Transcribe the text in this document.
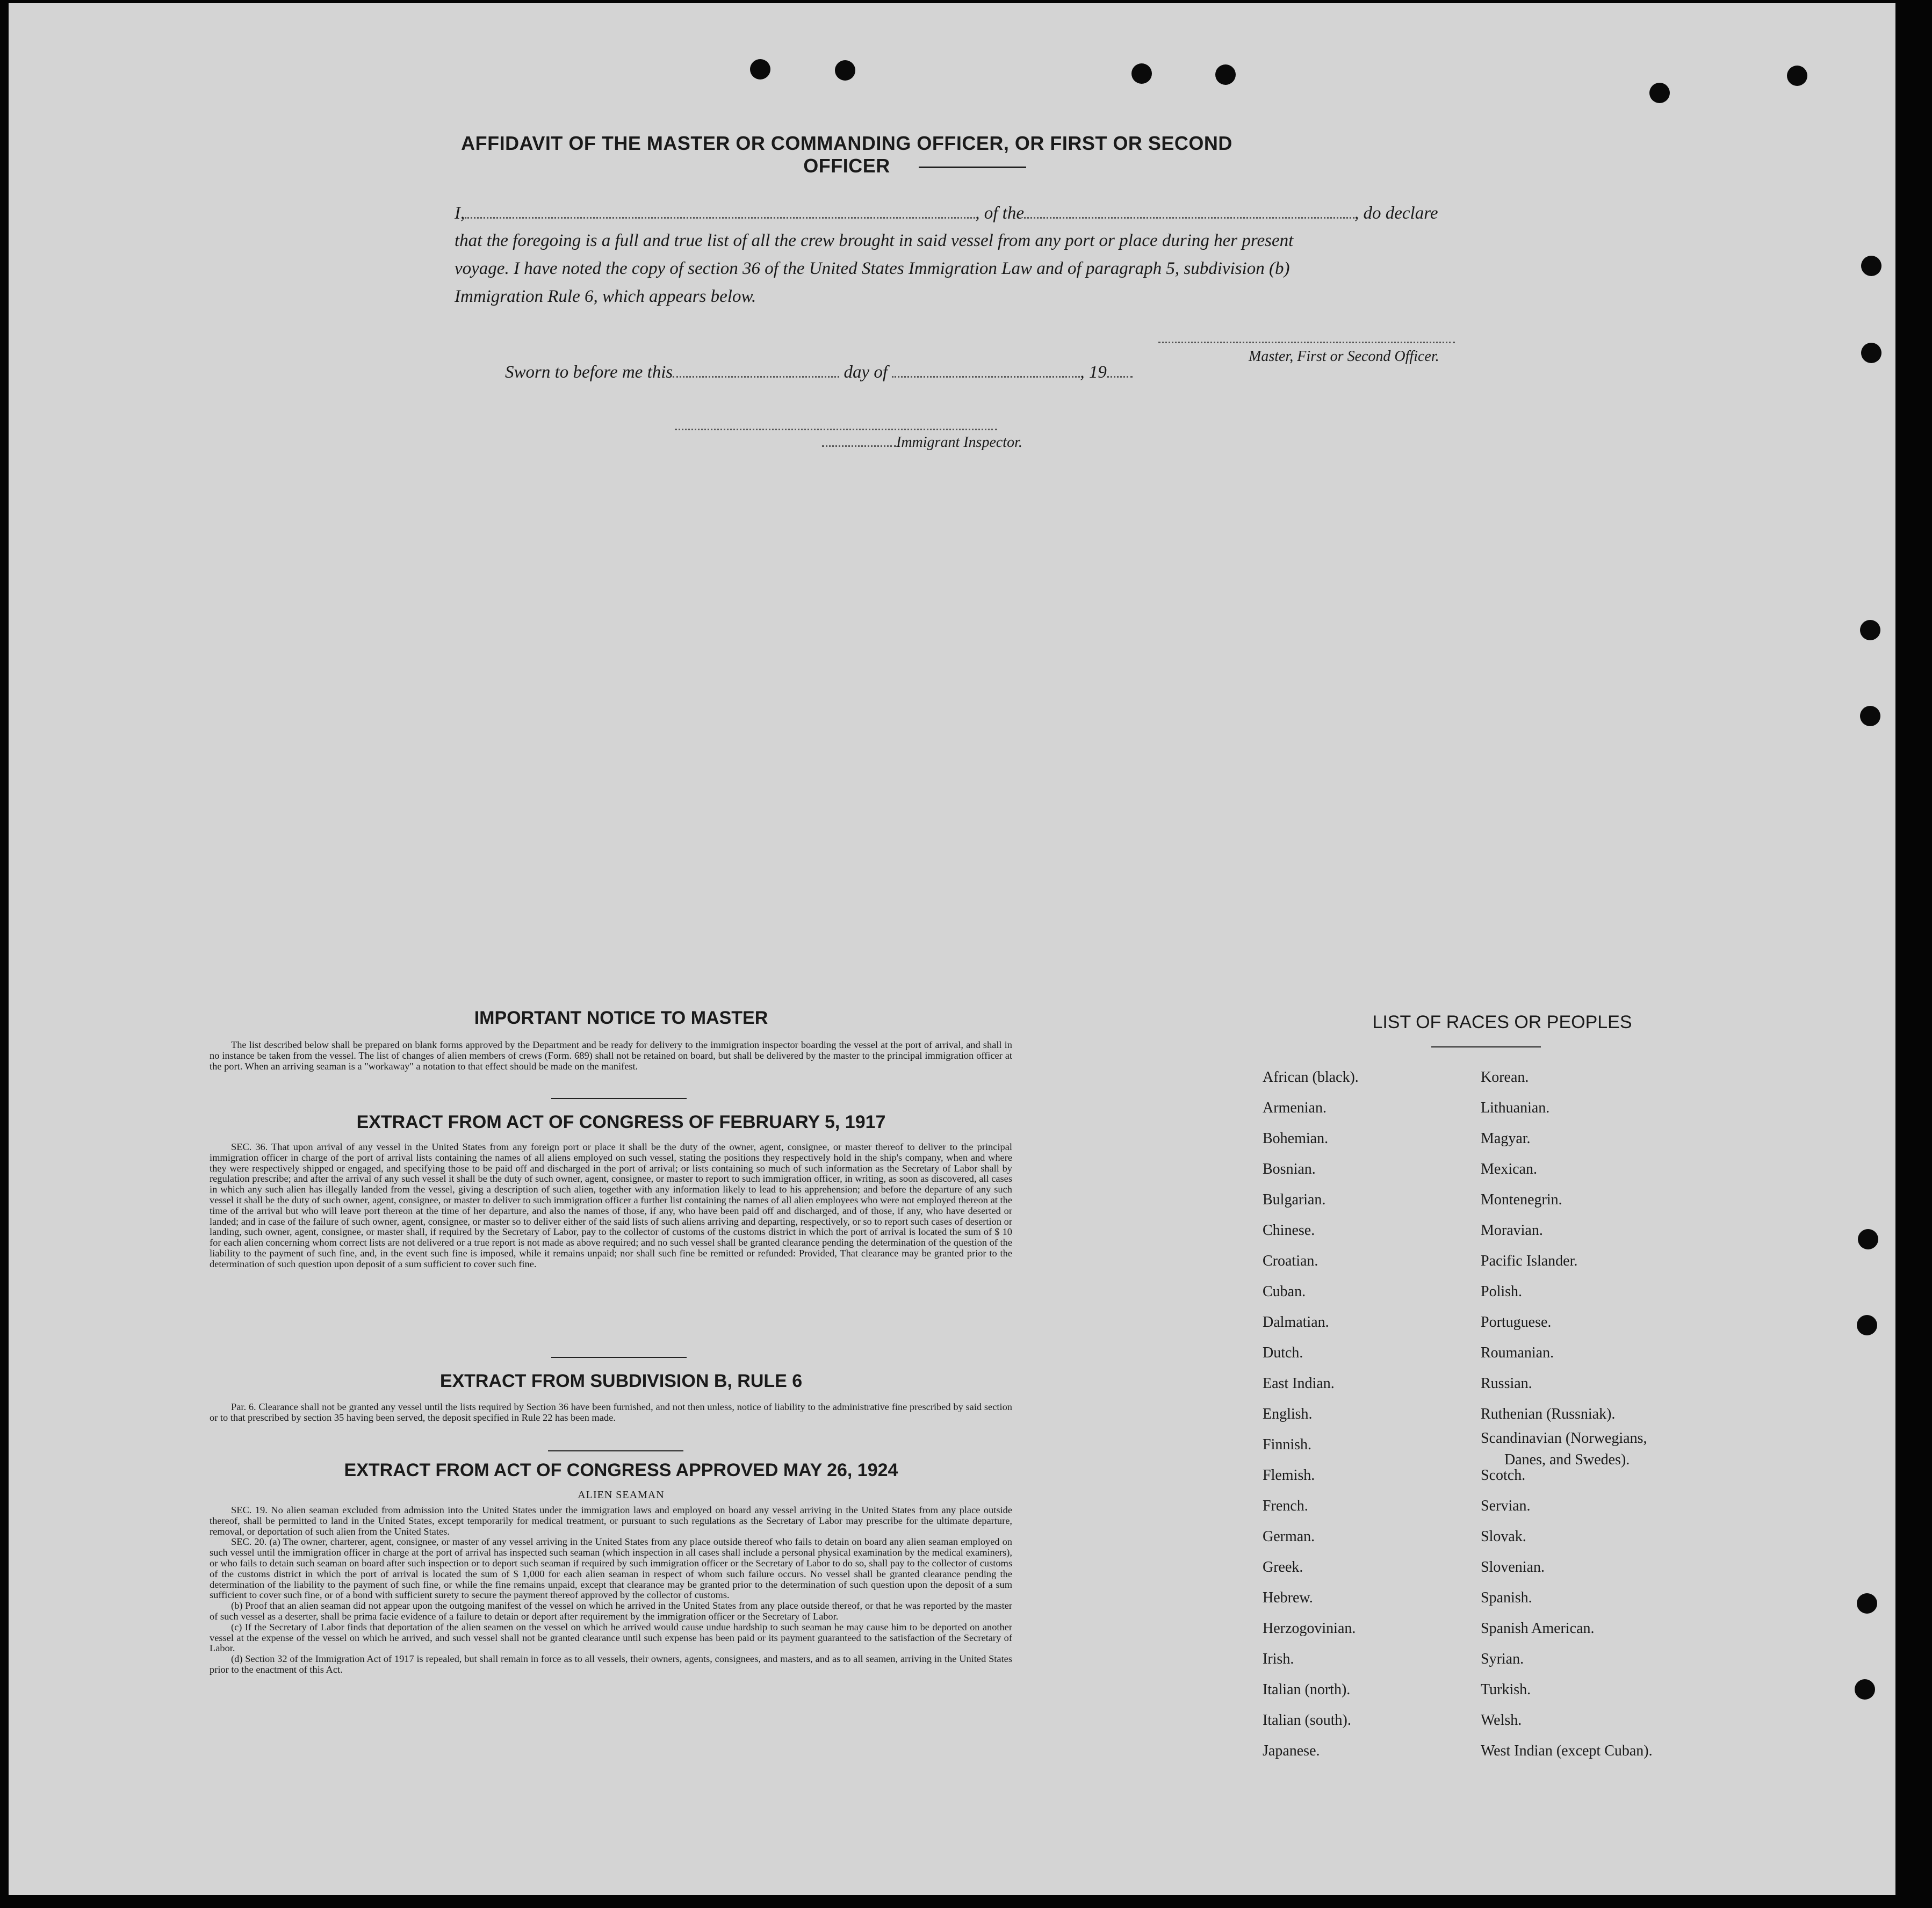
AFFIDAVIT OF THE MASTER OR COMMANDING OFFICER, OR FIRST OR SECOND OFFICER
I,	, of the	, do declare
that the foregoing is a full and true list of all the crew brought in said vessel from any port or place during her present
voyage. I have noted the copy of section 36 of the United States Immigration Law and of paragraph 5, subdivision (b)
Immigration Rule 6, which appears below.
Master, First or Second Officer.
Sworn to before me this	day of	, 19
Immigrant Inspector.
IMPORTANT NOTICE TO MASTER

The list described below shall be prepared on blank forms approved by the Department and be ready for delivery to the immigration inspector boarding the vessel at the port of arrival, and shall in no instance be taken from the vessel. The list of changes of alien members of crews (Form. 689) shall not be retained on board, but shall be delivered by the master to the principal immigration officer at the port. When an arriving seaman is a "workaway" a notation to that effect should be made on the manifest.

EXTRACT FROM ACT OF CONGRESS OF FEBRUARY 5, 1917

SEC. 36. That upon arrival of any vessel in the United States from any foreign port or place it shall be the duty of the owner, agent, consignee, or master thereof to deliver to the principal immigration officer in charge of the port of arrival lists containing the names of all aliens employed on such vessel, stating the positions they respectively hold in the ship's company, when and where they were respectively shipped or engaged, and specifying those to be paid off and discharged in the port of arrival; or lists containing so much of such information as the Secretary of Labor shall by regulation prescribe; and after the arrival of any such vessel it shall be the duty of such owner, agent, consignee, or master to report to such immigration officer, in writing, as soon as discovered, all cases in which any such alien has illegally landed from the vessel, giving a description of such alien, together with any information likely to lead to his apprehension; and before the departure of any such vessel it shall be the duty of such owner, agent, consignee, or master to deliver to such immigration officer a further list containing the names of all alien employees who were not employed thereon at the time of the arrival but who will leave port thereon at the time of her departure, and also the names of those, if any, who have been paid off and discharged, and of those, if any, who have deserted or landed; and in case of the failure of such owner, agent, consignee, or master so to deliver either of the said lists of such aliens arriving and departing, respectively, or so to report such cases of desertion or landing, such owner, agent, consignee, or master shall, if required by the Secretary of Labor, pay to the collector of customs of the customs district in which the port of arrival is located the sum of $ 10 for each alien concerning whom correct lists are not delivered or a true report is not made as above required; and no such vessel shall be granted clearance pending the determination of the question of the liability to the payment of such fine, and, in the event such fine is imposed, while it remains unpaid; nor shall such fine be remitted or refunded: Provided, That clearance may be granted prior to the determination of such question upon deposit of a sum sufficient to cover such fine.

EXTRACT FROM SUBDIVISION B, RULE 6

Par. 6. Clearance shall not be granted any vessel until the lists required by Section 36 have been furnished, and not then unless, notice of liability to the administrative fine prescribed by said section or to that prescribed by section 35 having been served, the deposit specified in Rule 22 has been made.

EXTRACT FROM ACT OF CONGRESS APPROVED MAY 26, 1924
ALIEN SEAMAN

SEC. 19. No alien seaman excluded from admission into the United States under the immigration laws and employed on board any vessel arriving in the United States from any place outside thereof, shall be permitted to land in the United States, except temporarily for medical treatment, or pursuant to such regulations as the Secretary of Labor may prescribe for the ultimate departure, removal, or deportation of such alien from the United States.

SEC. 20. (a) The owner, charterer, agent, consignee, or master of any vessel arriving in the United States from any place outside thereof who fails to detain on board any alien seaman employed on such vessel until the immigration officer in charge at the port of arrival has inspected such seaman (which inspection in all cases shall include a personal physical examination by the medical examiners), or who fails to detain such seaman on board after such inspection or to deport such seaman if required by such immigration officer or the Secretary of Labor to do so, shall pay to the collector of customs of the customs district in which the port of arrival is located the sum of $ 1,000 for each alien seaman in respect of whom such failure occurs. No vessel shall be granted clearance pending the determination of the liability to the payment of such fine, or while the fine remains unpaid, except that clearance may be granted prior to the determination of such question upon the deposit of a sum sufficient to cover such fine, or of a bond with sufficient surety to secure the payment thereof approved by the collector of customs.

(b) Proof that an alien seaman did not appear upon the outgoing manifest of the vessel on which he arrived in the United States from any place outside thereof, or that he was reported by the master of such vessel as a deserter, shall be prima facie evidence of a failure to detain or deport after requirement by the immigration officer or the Secretary of Labor.

(c) If the Secretary of Labor finds that deportation of the alien seamen on the vessel on which he arrived would cause undue hardship to such seaman he may cause him to be deported on another vessel at the expense of the vessel on which he arrived, and such vessel shall not be granted clearance until such expense has been paid or its payment guaranteed to the satisfaction of the Secretary of Labor.

(d) Section 32 of the Immigration Act of 1917 is repealed, but shall remain in force as to all vessels, their owners, agents, consignees, and masters, and as to all seamen, arriving in the United States prior to the enactment of this Act.

LIST OF RACES OR PEOPLES
African (black).
Armenian.
Bohemian.
Bosnian.
Bulgarian.
Chinese.
Croatian.
Cuban.
Dalmatian.
Dutch.
East Indian.
English.
Finnish.
Flemish.
French.
German.
Greek.
Hebrew.
Herzogovinian.
Irish.
Italian (north).
Italian (south).
Japanese.
Korean.
Lithuanian.
Magyar.
Mexican.
Montenegrin.
Moravian.
Pacific Islander.
Polish.
Portuguese.
Roumanian.
Russian.
Ruthenian (Russniak).
Scandinavian (Norwegians,
Danes, and Swedes).
Scotch.
Servian.
Slovak.
Slovenian.
Spanish.
Spanish American.
Syrian.
Turkish.
Welsh.
West Indian (except Cuban).
